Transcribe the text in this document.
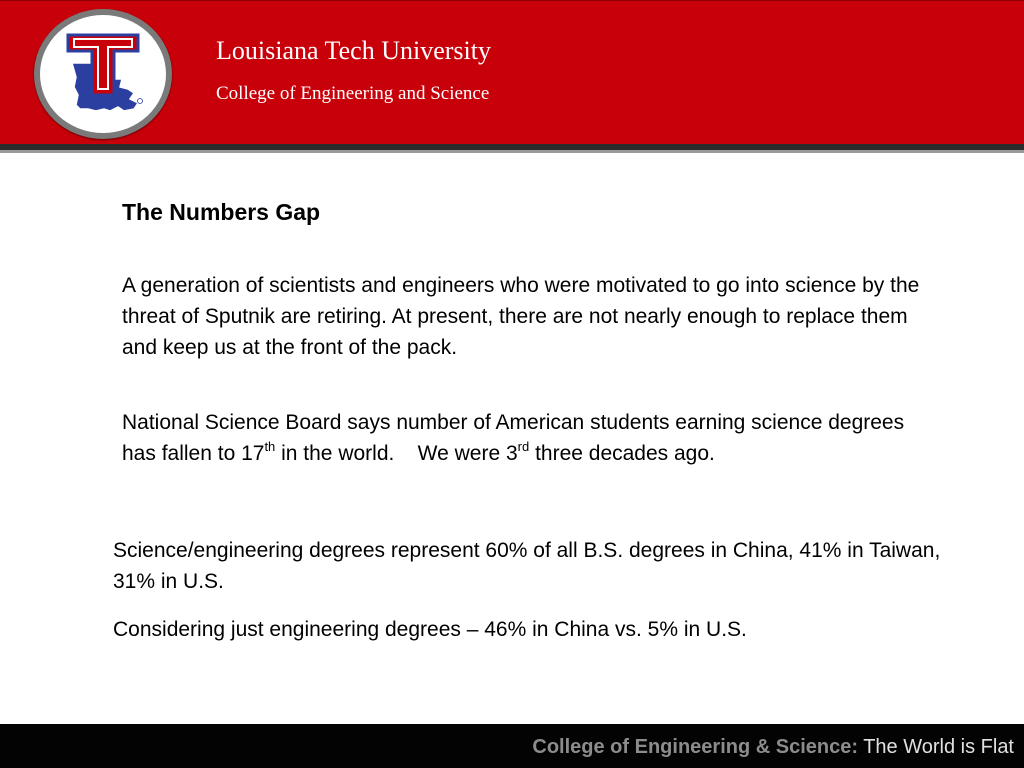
Louisiana Tech University
College of Engineering and Science
The Numbers Gap
A generation of scientists and engineers who were motivated to go into science by the threat of Sputnik are retiring. At present, there are not nearly enough to replace them and keep us at the front of the pack.
National Science Board says number of American students earning science degrees has fallen to 17th in the world.    We were 3rd three decades ago.
Science/engineering degrees represent 60% of all B.S. degrees in China, 41% in Taiwan, 31% in U.S.
Considering just engineering degrees – 46% in China vs. 5% in U.S.
College of Engineering & Science: The World is Flat
